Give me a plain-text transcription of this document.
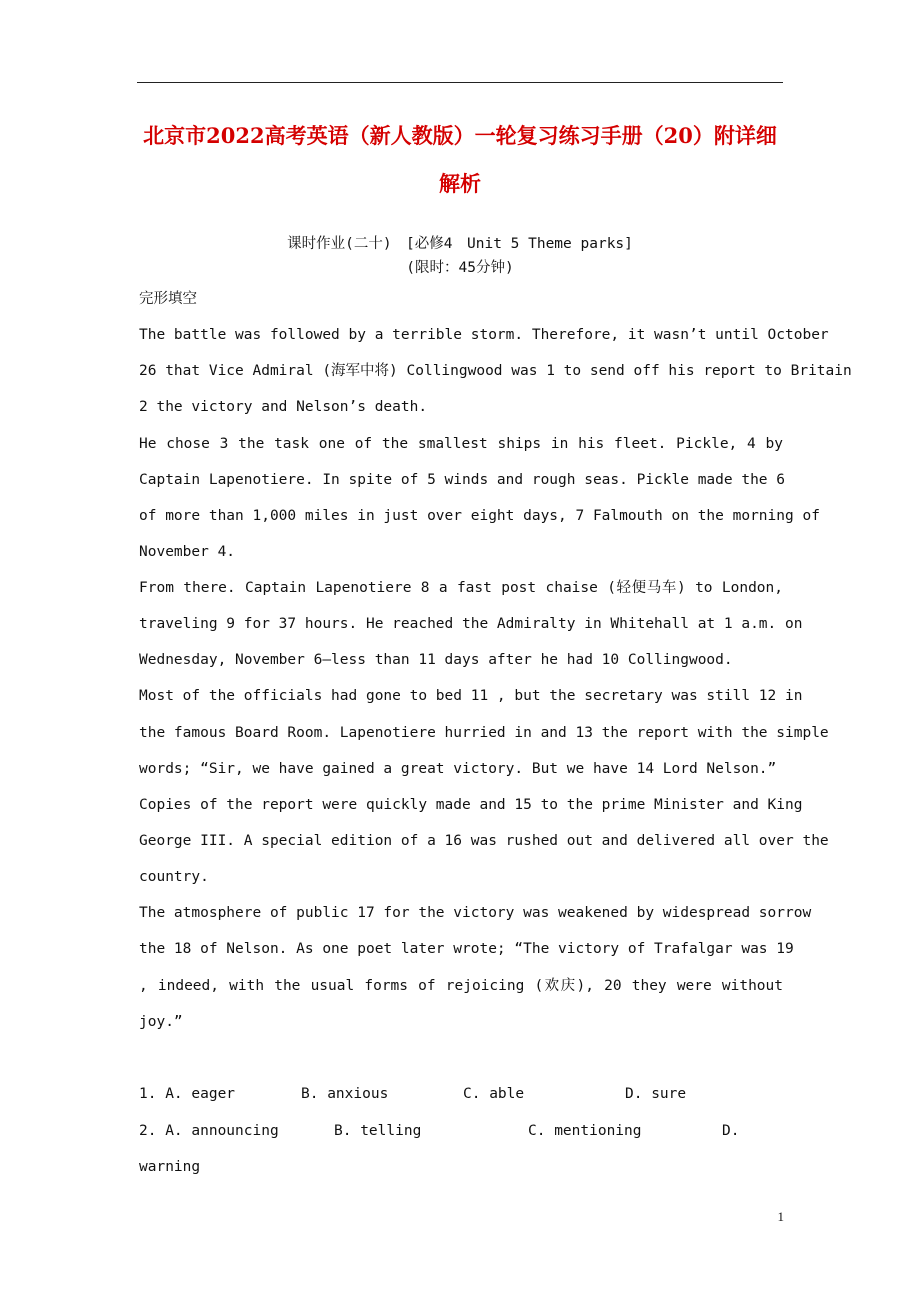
北京市2022高考英语（新人教版）一轮复习练习手册（20）附详细
解析
课时作业(二十)　[必修4　Unit 5 Theme parks]
(限时：45分钟)
完形填空
The battle was followed by a terrible storm. Therefore, it wasn’t until October
26 that Vice Admiral (海军中将) Collingwood was 1 to send off his report to Britain
2 the victory and Nelson’s death.
He chose 3 the task one of the smallest ships in his fleet. Pickle, 4 by
Captain Lapenotiere. In spite of 5 winds and rough seas. Pickle made the 6
of more than 1,000 miles in just over eight days, 7 Falmouth on the morning of
November 4.
From there. Captain Lapenotiere 8 a fast post chaise (轻便马车) to London,
traveling 9 for 37 hours. He reached the Admiralty in Whitehall at 1 a.m. on
Wednesday, November 6—less than 11 days after he had 10 Collingwood.
Most of the officials had gone to bed 11 , but the secretary was still 12 in
the famous Board Room. Lapenotiere hurried in and 13 the report with the simple
words; “Sir, we have gained a great victory. But we have 14 Lord Nelson.”
Copies of the report were quickly made and 15 to the prime Minister and King
George III. A special edition of a 16 was rushed out and delivered all over the
country.
The atmosphere of public 17 for the victory was weakened by widespread sorrow
the 18 of Nelson. As one poet later wrote; “The victory of Trafalgar was 19
, indeed, with the usual forms of rejoicing (欢庆), 20 they were without
joy.”
1. A. eager	B. anxious	C. able	D. sure
2. A. announcing	B. telling	C. mentioning	D.
warning
1
